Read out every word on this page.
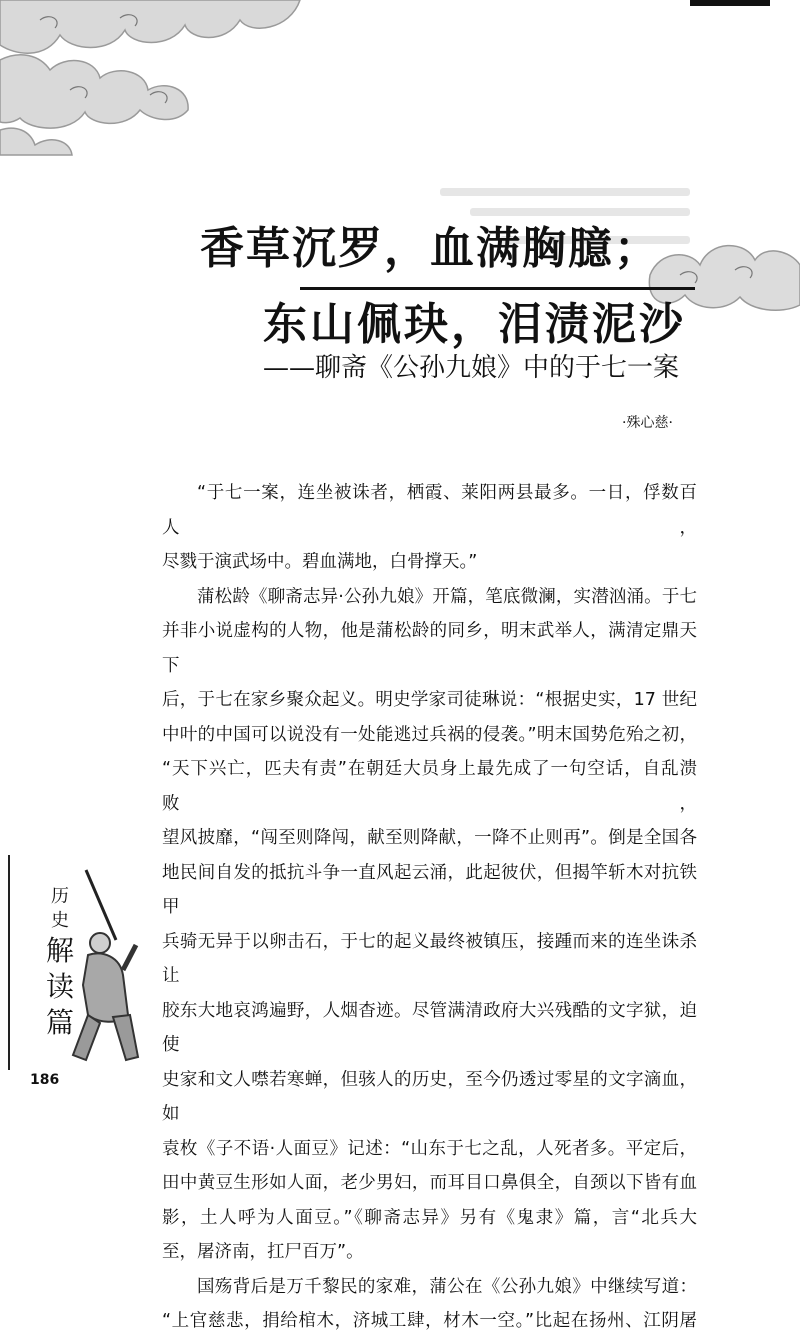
香草沉罗，血满胸臆；
东山佩玦，泪渍泥沙
——聊斋《公孙九娘》中的于七一案
·殊心慈·

“于七一案，连坐被诛者，栖霞、莱阳两县最多。一日，俘数百人，

尽戮于演武场中。碧血满地，白骨撑天。”

蒲松龄《聊斋志异·公孙九娘》开篇，笔底微澜，实潜汹涌。于七

并非小说虚构的人物，他是蒲松龄的同乡，明末武举人，满清定鼎天下

后，于七在家乡聚众起义。明史学家司徒琳说：“根据史实，17 世纪

中叶的中国可以说没有一处能逃过兵祸的侵袭。”明末国势危殆之初，

“天下兴亡，匹夫有责”在朝廷大员身上最先成了一句空话，自乱溃败，

望风披靡，“闯至则降闯，献至则降献，一降不止则再”。倒是全国各

地民间自发的抵抗斗争一直风起云涌，此起彼伏，但揭竿斩木对抗铁甲

兵骑无异于以卵击石，于七的起义最终被镇压，接踵而来的连坐诛杀让

胶东大地哀鸿遍野，人烟杳迹。尽管满清政府大兴残酷的文字狱，迫使

史家和文人噤若寒蝉，但骇人的历史，至今仍透过零星的文字滴血，如

袁枚《子不语·人面豆》记述：“山东于七之乱，人死者多。平定后，

田中黄豆生形如人面，老少男妇，而耳目口鼻俱全，自颈以下皆有血

影，土人呼为人面豆。”《聊斋志异》另有《鬼隶》篇，言“北兵大

至，屠济南，扛尸百万”。

国殇背后是万千黎民的家难，蒲公在《公孙九娘》中继续写道：

“上官慈悲，捐给棺木，济城工肆，材木一空。”比起在扬州、江阴屠

历
史
解
读
篇
186
